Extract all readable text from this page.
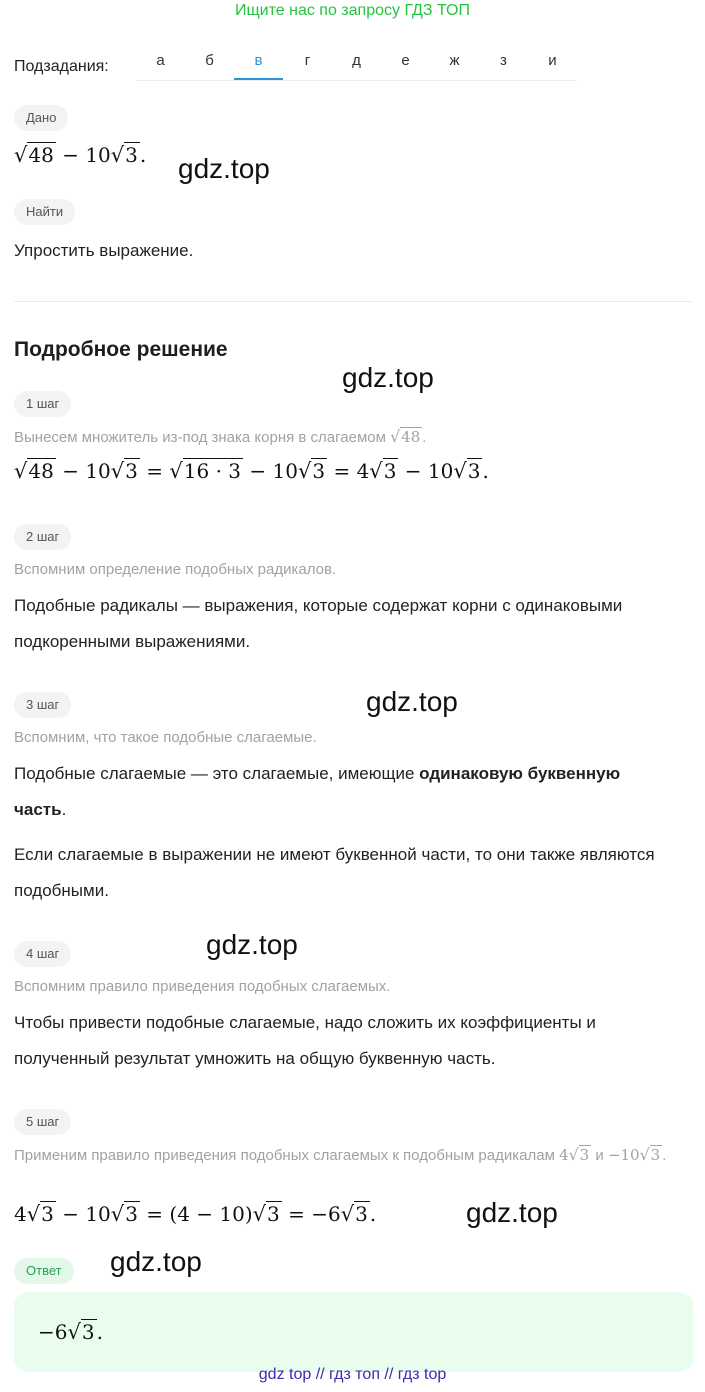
Ищите нас по запросу ГДЗ ТОП
Подзадания:	а	б	в	г	д	е	ж	з	и
Дано
√48 − 10√3 . gdz.top
Найти
Упростить выражение.
Подробное решение
gdz.top
1 шаг
Вынесем множитель из-под знака корня в слагаемом √48 .
√48 − 10√3 = √16 · 3 − 10√3 = 4√3 − 10√3 .
2 шаг
Вспомним определение подобных радикалов.
Подобные радикалы — выражения, которые содержат корни с одинаковыми подкоренными выражениями.
3 шаг	gdz.top
Вспомним, что такое подобные слагаемые.
Подобные слагаемые — это слагаемые, имеющие одинаковую буквенную часть.
Если слагаемые в выражении не имеют буквенной части, то они также являются подобными.
4 шаг	gdz.top
Вспомним правило приведения подобных слагаемых.
Чтобы привести подобные слагаемые, надо сложить их коэффициенты и полученный результат умножить на общую буквенную часть.
5 шаг
Применим правило приведения подобных слагаемых к подобным радикалам 4√3 и −10√3 .
4√3 − 10√3 = (4 − 10)√3 = −6√3 .	gdz.top
Ответ	gdz.top
−6√3 .
gdz top // гдз топ // гдз top
